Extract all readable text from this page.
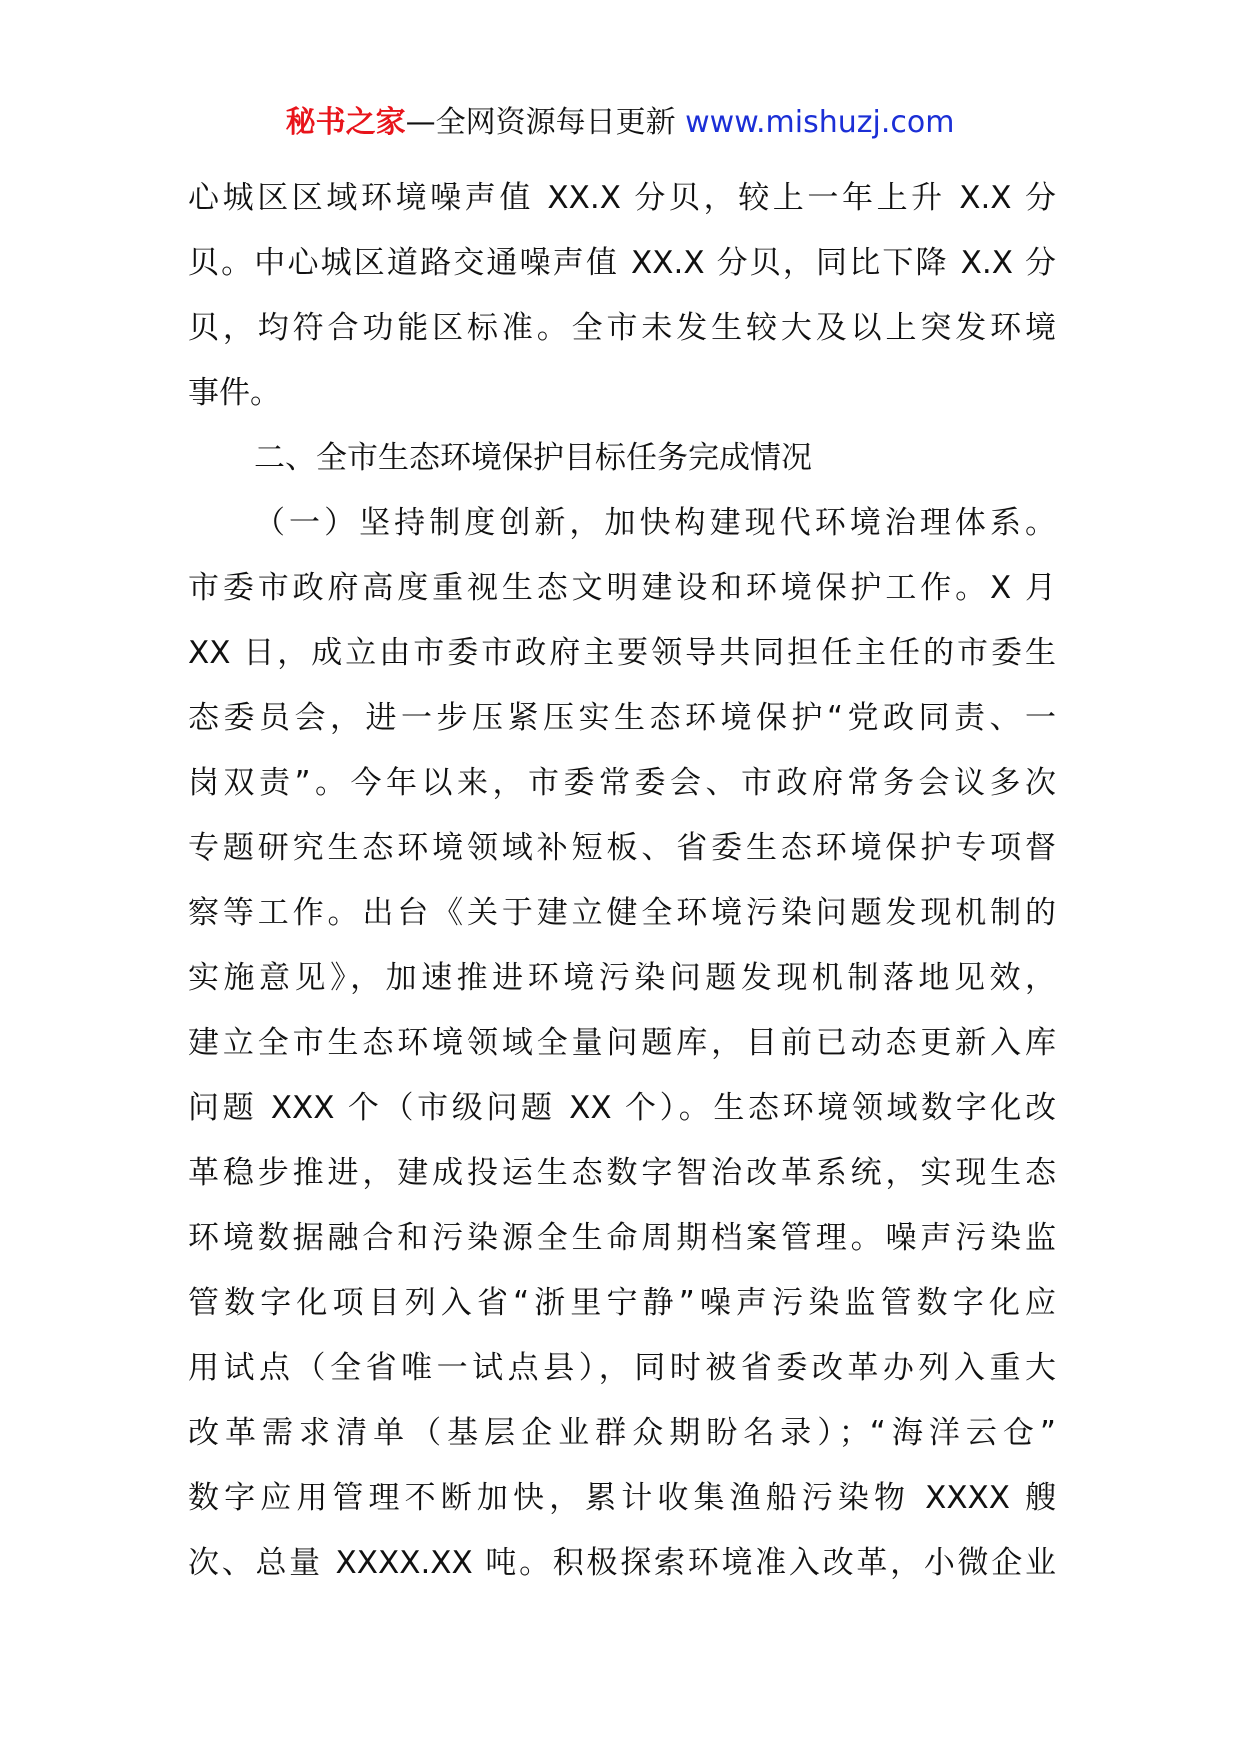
秘书之家—全网资源每日更新 www.mishuzj.com
心城区区域环境噪声值 XX.X 分贝，较上一年上升 X.X 分
贝。中心城区道路交通噪声值 XX.X 分贝，同比下降 X.X 分
贝，均符合功能区标准。全市未发生较大及以上突发环境
事件。
二、全市生态环境保护目标任务完成情况
（一）坚持制度创新，加快构建现代环境治理体系。
市委市政府高度重视生态文明建设和环境保护工作。X 月
XX 日，成立由市委市政府主要领导共同担任主任的市委生
态委员会，进一步压紧压实生态环境保护“党政同责、一
岗双责”。今年以来，市委常委会、市政府常务会议多次
专题研究生态环境领域补短板、省委生态环境保护专项督
察等工作。出台《关于建立健全环境污染问题发现机制的
实施意见》，加速推进环境污染问题发现机制落地见效，
建立全市生态环境领域全量问题库，目前已动态更新入库
问题 XXX 个（市级问题 XX 个）。生态环境领域数字化改
革稳步推进，建成投运生态数字智治改革系统，实现生态
环境数据融合和污染源全生命周期档案管理。噪声污染监
管数字化项目列入省“浙里宁静”噪声污染监管数字化应
用试点（全省唯一试点县），同时被省委改革办列入重大
改革需求清单（基层企业群众期盼名录）；“海洋云仓”
数字应用管理不断加快，累计收集渔船污染物 XXXX 艘
次、总量 XXXX.XX 吨。积极探索环境准入改革，小微企业
